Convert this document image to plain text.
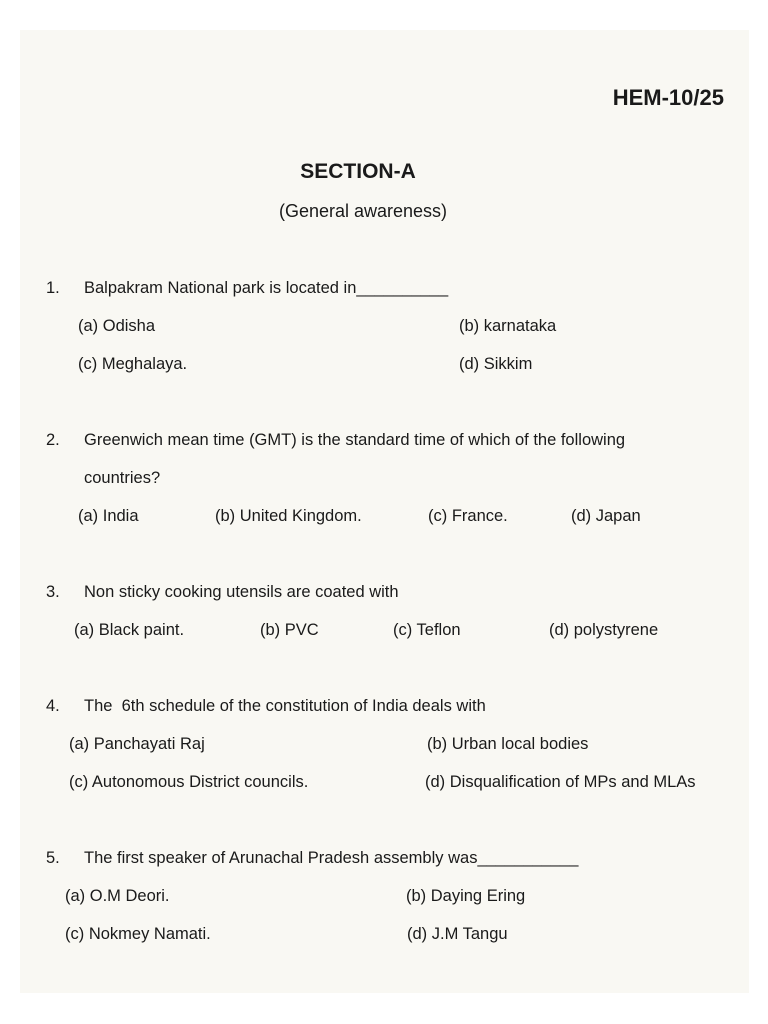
HEM-10/25
SECTION-A
(General awareness)
1. Balpakram National park is located in__________
(a) Odisha	(b) karnataka
(c) Meghalaya.	(d) Sikkim
2. Greenwich mean time (GMT) is the standard time of which of the following
countries?
(a) India	(b) United Kingdom.	(c) France.	(d) Japan
3. Non sticky cooking utensils are coated with
(a) Black paint.	(b) PVC	(c) Teflon	(d) polystyrene
4. The  6th schedule of the constitution of India deals with
(a) Panchayati Raj	(b) Urban local bodies
(c) Autonomous District councils.	(d) Disqualification of MPs and MLAs
5. The first speaker of Arunachal Pradesh assembly was___________
(a) O.M Deori.	(b) Daying Ering
(c) Nokmey Namati.	(d) J.M Tangu
